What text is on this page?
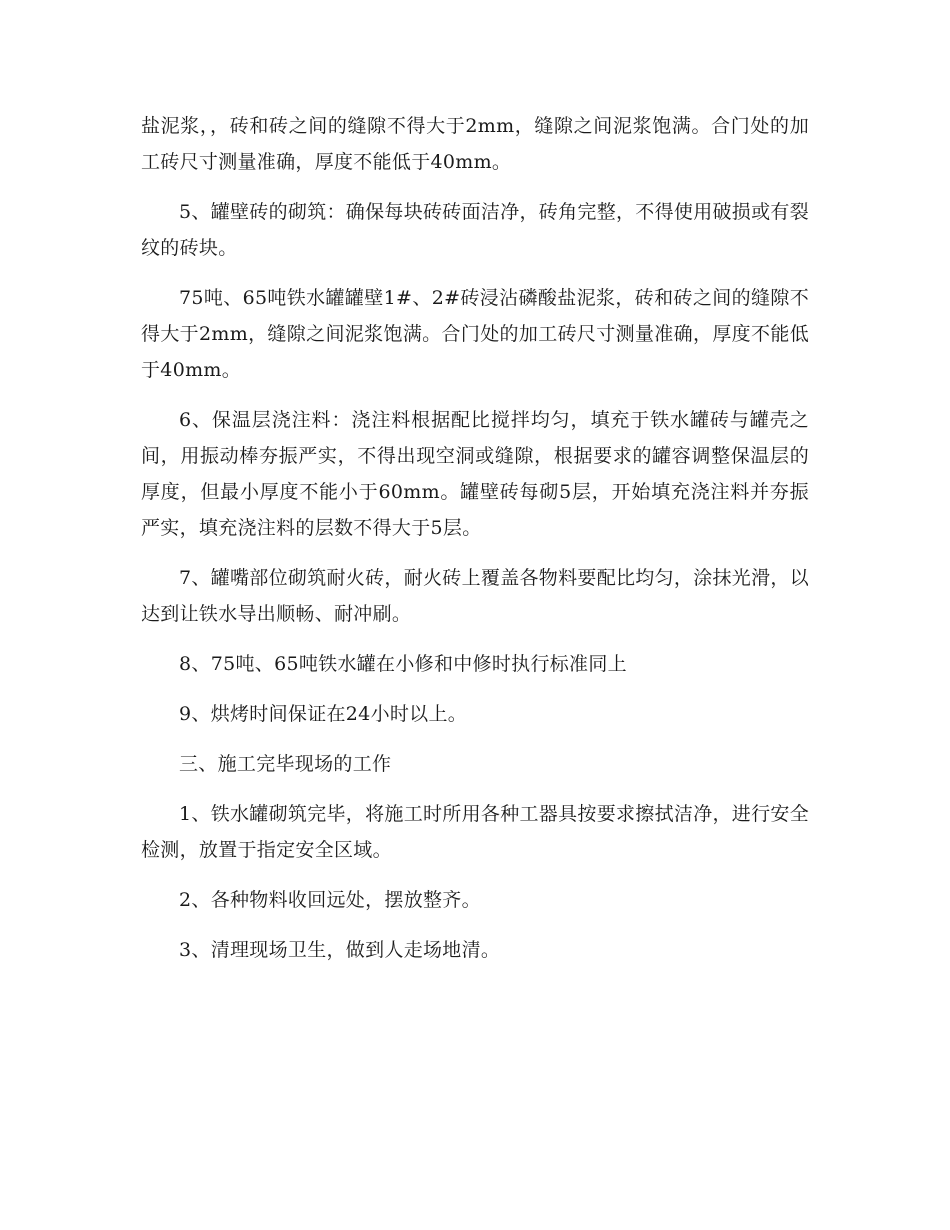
盐泥浆，，砖和砖之间的缝隙不得大于2mm，缝隙之间泥浆饱满。合门处的加工砖尺寸测量准确，厚度不能低于40mm。

5、罐壁砖的砌筑：确保每块砖砖面洁净，砖角完整，不得使用破损或有裂纹的砖块。

75吨、65吨铁水罐罐壁1#、2#砖浸沾磷酸盐泥浆，砖和砖之间的缝隙不得大于2mm，缝隙之间泥浆饱满。合门处的加工砖尺寸测量准确，厚度不能低于40mm。

6、保温层浇注料：浇注料根据配比搅拌均匀，填充于铁水罐砖与罐壳之间，用振动棒夯振严实，不得出现空洞或缝隙，根据要求的罐容调整保温层的厚度，但最小厚度不能小于60mm。罐壁砖每砌5层，开始填充浇注料并夯振严实，填充浇注料的层数不得大于5层。

7、罐嘴部位砌筑耐火砖，耐火砖上覆盖各物料要配比均匀，涂抹光滑，以达到让铁水导出顺畅、耐冲刷。

8、75吨、65吨铁水罐在小修和中修时执行标准同上

9、烘烤时间保证在24小时以上。

三、施工完毕现场的工作

1、铁水罐砌筑完毕，将施工时所用各种工器具按要求擦拭洁净，进行安全检测，放置于指定安全区域。

2、各种物料收回远处，摆放整齐。

3、清理现场卫生，做到人走场地清。
